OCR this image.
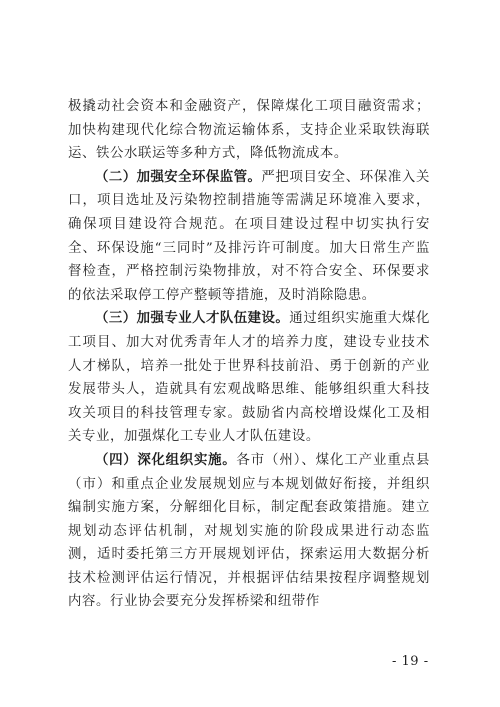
极撬动社会资本和金融资产，保障煤化工项目融资需求；加快构建现代化综合物流运输体系，支持企业采取铁海联运、铁公水联运等多种方式，降低物流成本。

（二）加强安全环保监管。严把项目安全、环保准入关口，项目选址及污染物控制措施等需满足环境准入要求，确保项目建设符合规范。在项目建设过程中切实执行安全、环保设施“三同时”及排污许可制度。加大日常生产监督检查，严格控制污染物排放，对不符合安全、环保要求的依法采取停工停产整顿等措施，及时消除隐患。

（三）加强专业人才队伍建设。通过组织实施重大煤化工项目、加大对优秀青年人才的培养力度，建设专业技术人才梯队，培养一批处于世界科技前沿、勇于创新的产业发展带头人，造就具有宏观战略思维、能够组织重大科技攻关项目的科技管理专家。鼓励省内高校增设煤化工及相关专业，加强煤化工专业人才队伍建设。

（四）深化组织实施。各市（州）、煤化工产业重点县（市）和重点企业发展规划应与本规划做好衔接，并组织编制实施方案，分解细化目标，制定配套政策措施。建立规划动态评估机制，对规划实施的阶段成果进行动态监测，适时委托第三方开展规划评估，探索运用大数据分析技术检测评估运行情况，并根据评估结果按程序调整规划内容。行业协会要充分发挥桥梁和纽带作

- 19 -
